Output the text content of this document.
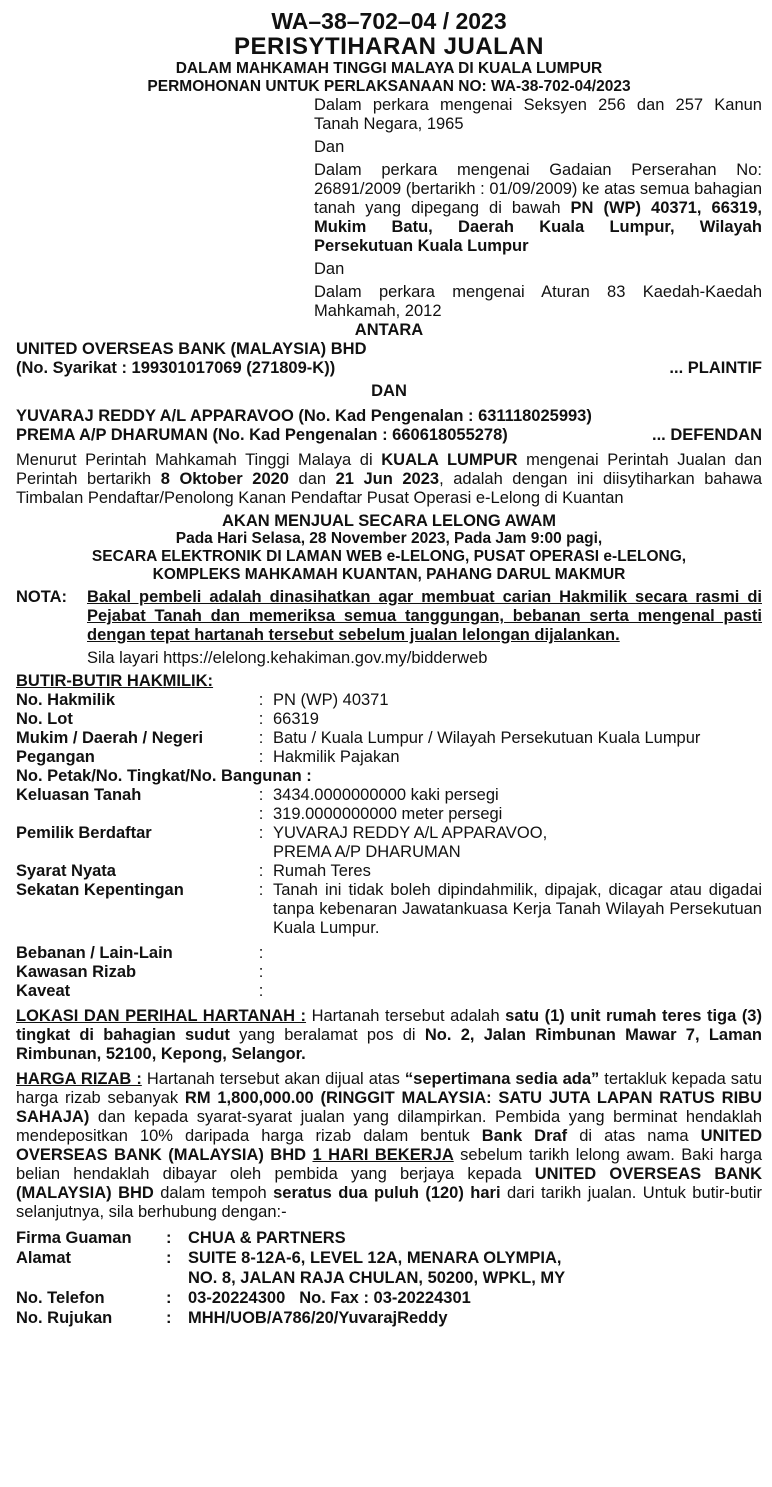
WA–38–702–04 / 2023
PERISYTIHARAN JUALAN
DALAM MAHKAMAH TINGGI MALAYA DI KUALA LUMPUR
PERMOHONAN UNTUK PERLAKSANAAN NO: WA-38-702-04/2023

Dalam perkara mengenai Seksyen 256 dan 257 Kanun Tanah Negara, 1965

Dan

Dalam perkara mengenai Gadaian Perserahan No: 26891/2009 (bertarikh : 01/09/2009) ke atas semua bahagian tanah yang dipegang di bawah PN (WP) 40371, 66319, Mukim Batu, Daerah Kuala Lumpur, Wilayah Persekutuan Kuala Lumpur

Dan

Dalam perkara mengenai Aturan 83 Kaedah-Kaedah Mahkamah, 2012

ANTARA
UNITED OVERSEAS BANK (MALAYSIA) BHD
(No. Syarikat : 199301017069 (271809-K))	... PLAINTIF
DAN
YUVARAJ REDDY A/L APPARAVOO (No. Kad Pengenalan : 631118025993)
PREMA A/P DHARUMAN (No. Kad Pengenalan : 660618055278)	... DEFENDAN

Menurut Perintah Mahkamah Tinggi Malaya di KUALA LUMPUR mengenai Perintah Jualan dan Perintah bertarikh 8 Oktober 2020 dan 21 Jun 2023, adalah dengan ini diisytiharkan bahawa Timbalan Pendaftar/Penolong Kanan Pendaftar Pusat Operasi e-Lelong di Kuantan

AKAN MENJUAL SECARA LELONG AWAM
Pada Hari Selasa, 28 November 2023, Pada Jam 9:00 pagi,
SECARA ELEKTRONIK DI LAMAN WEB e-LELONG, PUSAT OPERASI e-LELONG,
KOMPLEKS MAHKAMAH KUANTAN, PAHANG DARUL MAKMUR
NOTA:	Bakal pembeli adalah dinasihatkan agar membuat carian Hakmilik secara rasmi di Pejabat Tanah dan memeriksa semua tanggungan, bebanan serta mengenal pasti dengan tepat hartanah tersebut sebelum jualan lelongan dijalankan.
Sila layari https://elelong.kehakiman.gov.my/bidderweb
BUTIR-BUTIR HAKMILIK:
No. Hakmilik	:	PN (WP) 40371
No. Lot	:	66319
Mukim / Daerah / Negeri	:	Batu / Kuala Lumpur / Wilayah Persekutuan Kuala Lumpur
Pegangan	:	Hakmilik Pajakan
No. Petak/No. Tingkat/No. Bangunan :		
Keluasan Tanah	:	3434.0000000000 kaki persegi
	:	319.0000000000 meter persegi
Pemilik Berdaftar	:	YUVARAJ REDDY A/L APPARAVOO,
PREMA A/P DHARUMAN

Syarat Nyata	:	Rumah Teres
Sekatan Kepentingan	:	Tanah ini tidak boleh dipindahmilik, dipajak, dicagar atau digadai tanpa kebenaran Jawatankuasa Kerja Tanah Wilayah Persekutuan Kuala Lumpur.
Bebanan / Lain-Lain	:	
Kawasan Rizab	:	
Kaveat	:	

LOKASI DAN PERIHAL HARTANAH : Hartanah tersebut adalah satu (1) unit rumah teres tiga (3) tingkat di bahagian sudut yang beralamat pos di No. 2, Jalan Rimbunan Mawar 7, Laman Rimbunan, 52100, Kepong, Selangor.

HARGA RIZAB : Hartanah tersebut akan dijual atas “sepertimana sedia ada” tertakluk kepada satu harga rizab sebanyak RM 1,800,000.00 (RINGGIT MALAYSIA: SATU JUTA LAPAN RATUS RIBU SAHAJA) dan kepada syarat-syarat jualan yang dilampirkan. Pembida yang berminat hendaklah mendepositkan 10% daripada harga rizab dalam bentuk Bank Draf di atas nama UNITED OVERSEAS BANK (MALAYSIA) BHD 1 HARI BEKERJA sebelum tarikh lelong awam. Baki harga belian hendaklah dibayar oleh pembida yang berjaya kepada UNITED OVERSEAS BANK (MALAYSIA) BHD dalam tempoh seratus dua puluh (120) hari dari tarikh jualan. Untuk butir-butir selanjutnya, sila berhubung dengan:-

Firma Guaman	:	CHUA & PARTNERS
Alamat	:	SUITE 8-12A-6, LEVEL 12A, MENARA OLYMPIA,
NO. 8, JALAN RAJA CHULAN, 50200, WPKL, MY

No. Telefon	:	03-20224300 No. Fax : 03-20224301
No. Rujukan	:	MHH/UOB/A786/20/YuvarajReddy
